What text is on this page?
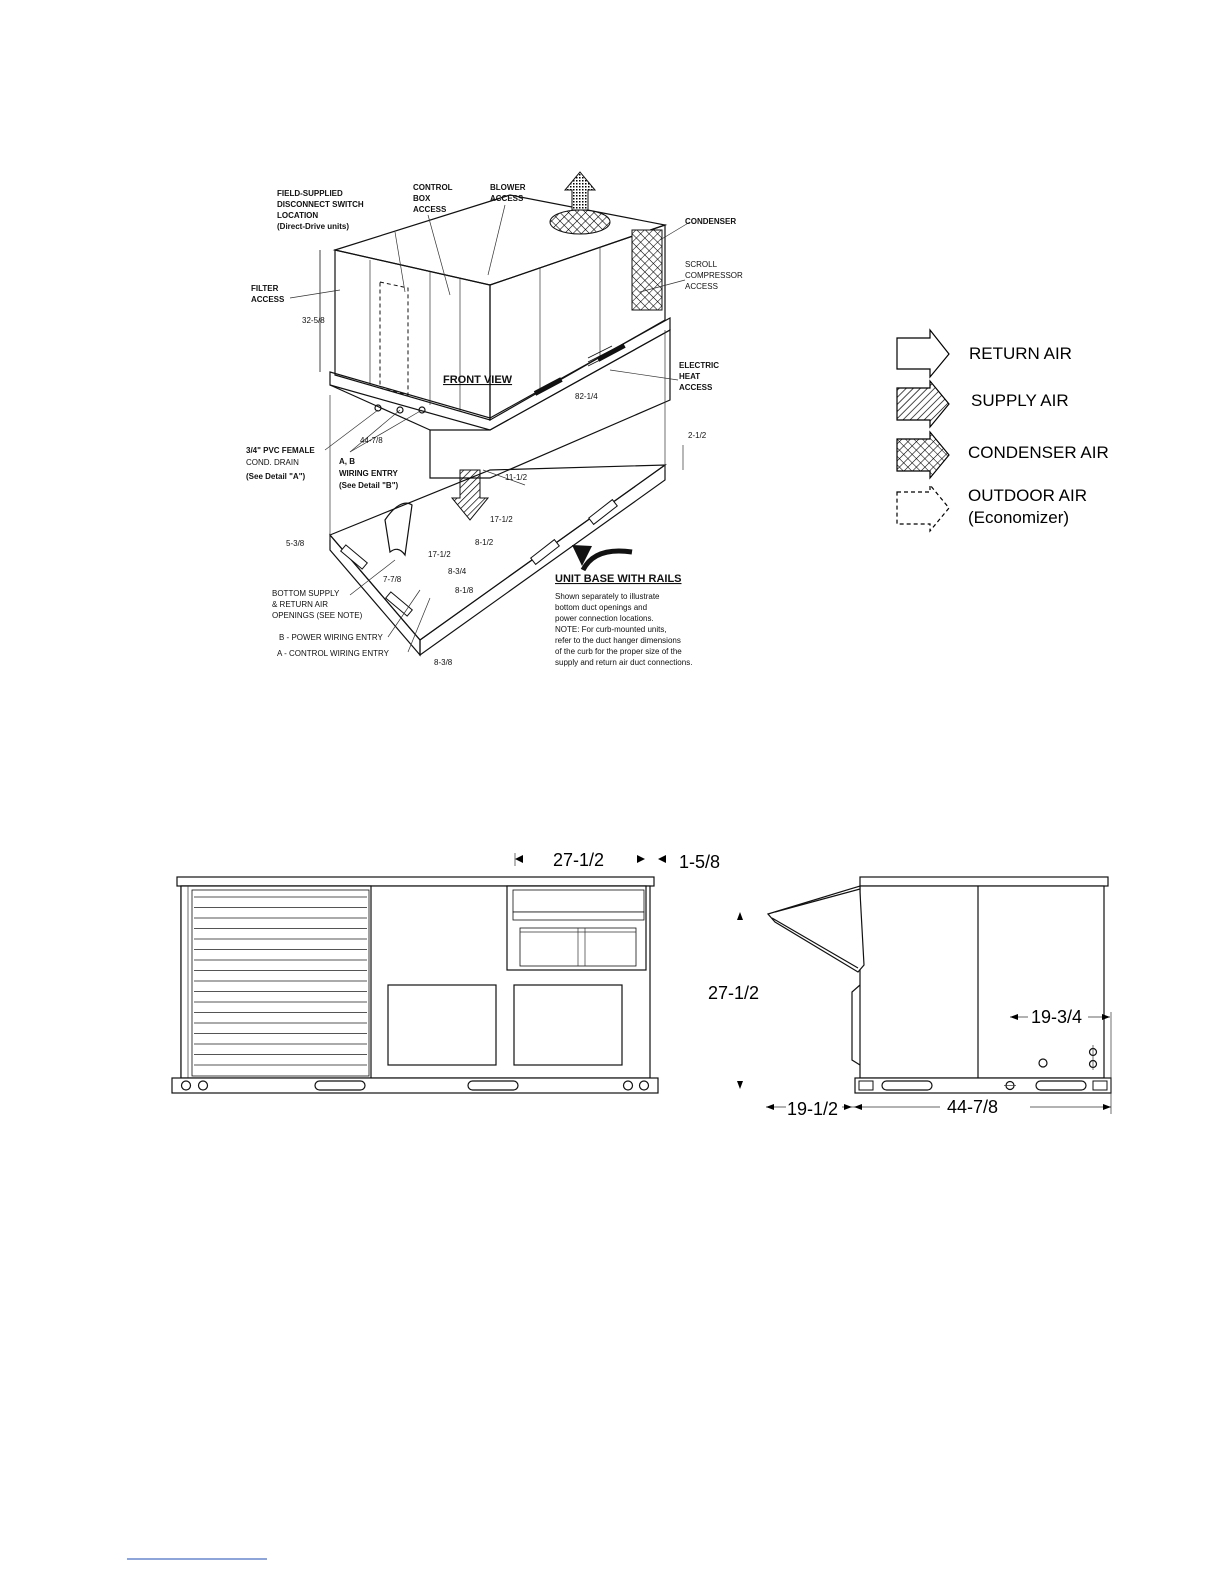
FIELD-SUPPLIED
DISCONNECT SWITCH
LOCATION
(Direct-Drive units)
CONTROL
BOX
ACCESS
BLOWER
ACCESS
CONDENSER
SCROLL
COMPRESSOR
ACCESS
FILTER
ACCESS
FRONT VIEW
ELECTRIC
HEAT
ACCESS
3/4" PVC FEMALE
COND. DRAIN
(See Detail "A")
A, B
WIRING ENTRY
(See Detail "B")
BOTTOM SUPPLY
& RETURN AIR
OPENINGS (SEE NOTE)
B - POWER WIRING ENTRY
A - CONTROL WIRING ENTRY
UNIT BASE WITH RAILS
Shown separately to illustrate
bottom duct openings and
power connection locations.
NOTE: For curb-mounted units,
refer to the duct hanger dimensions
of the curb for the proper size of the
supply and return air duct connections.
32-5/8
82-1/4
44-7/8
2-1/2
11-1/2
17-1/2
8-1/2
17-1/2
5-3/8
7-7/8
8-3/4
8-1/8
8-3/8
RETURN AIR
SUPPLY AIR
CONDENSER AIR
OUTDOOR AIR
(Economizer)
27-1/2	1-5/8
27-1/2
19-3/4
19-1/2	44-7/8
